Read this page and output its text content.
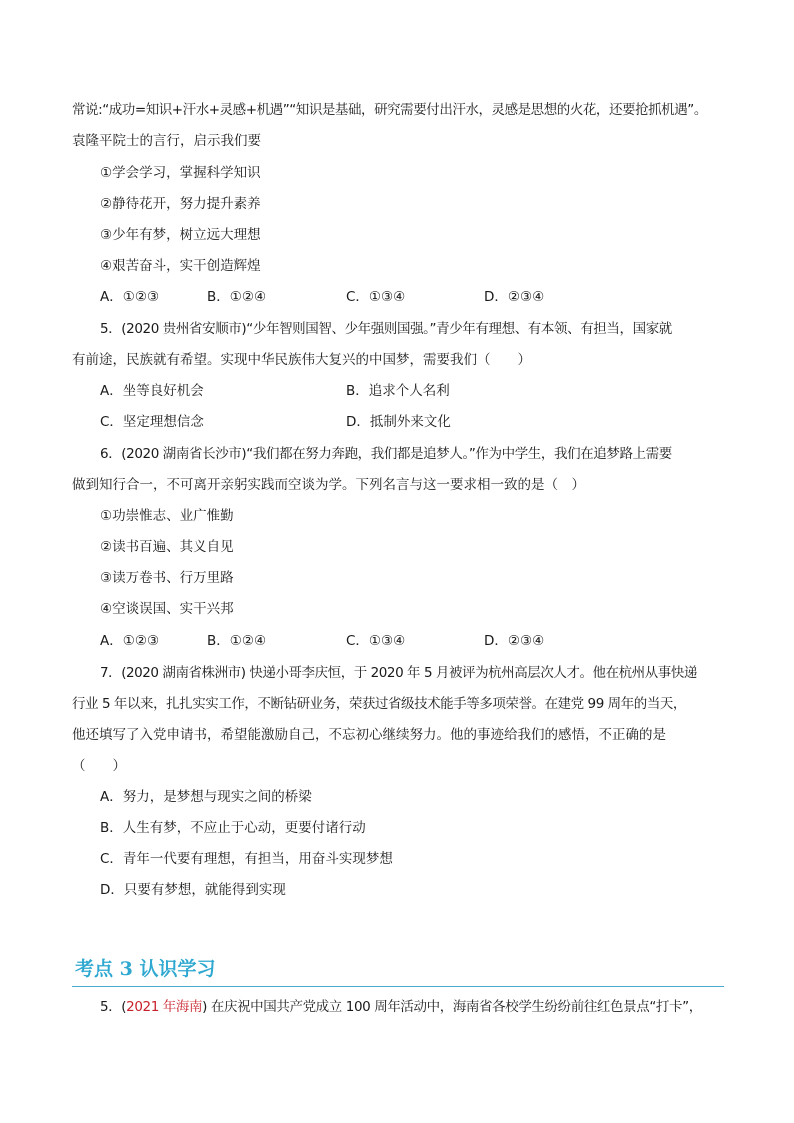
常说:“成功=知识+汗水+灵感+机遇”“知识是基础，研究需要付出汗水，灵感是思想的火花，还要抢抓机遇”。
袁隆平院士的言行，启示我们要
①学会学习，掌握科学知识
②静待花开，努力提升素养
③少年有梦，树立远大理想
④艰苦奋斗，实干创造辉煌
A．①②③	B．①②④	C．①③④	D．②③④
5．(2020 贵州省安顺市)“少年智则国智、少年强则国强。”青少年有理想、有本领、有担当，国家就
有前途，民族就有希望。实现中华民族伟大复兴的中国梦，需要我们（　　）
A．坐等良好机会	B．追求个人名利
C．坚定理想信念	D．抵制外来文化
6．(2020 湖南省长沙市)“我们都在努力奔跑，我们都是追梦人。”作为中学生，我们在追梦路上需要
做到知行合一，不可离开亲躬实践而空谈为学。下列名言与这一要求相一致的是（　）
①功崇惟志、业广惟勤
②读书百遍、其义自见
③读万卷书、行万里路
④空谈误国、实干兴邦
A．①②③	B．①②④	C．①③④	D．②③④
7．(2020 湖南省株洲市) 快递小哥李庆恒，于 2020 年 5 月被评为杭州高层次人才。他在杭州从事快递
行业 5 年以来，扎扎实实工作，不断钻研业务，荣获过省级技术能手等多项荣誉。在建党 99 周年的当天，
他还填写了入党申请书，希望能激励自己，不忘初心继续努力。他的事迹给我们的感悟，不正确的是
（　　）
A．努力，是梦想与现实之间的桥梁
B．人生有梦，不应止于心动，更要付诸行动
C．青年一代要有理想，有担当，用奋斗实现梦想
D．只要有梦想，就能得到实现
考点 3 认识学习
5．(2021 年海南) 在庆祝中国共产党成立 100 周年活动中，海南省各校学生纷纷前往红色景点“打卡”，
